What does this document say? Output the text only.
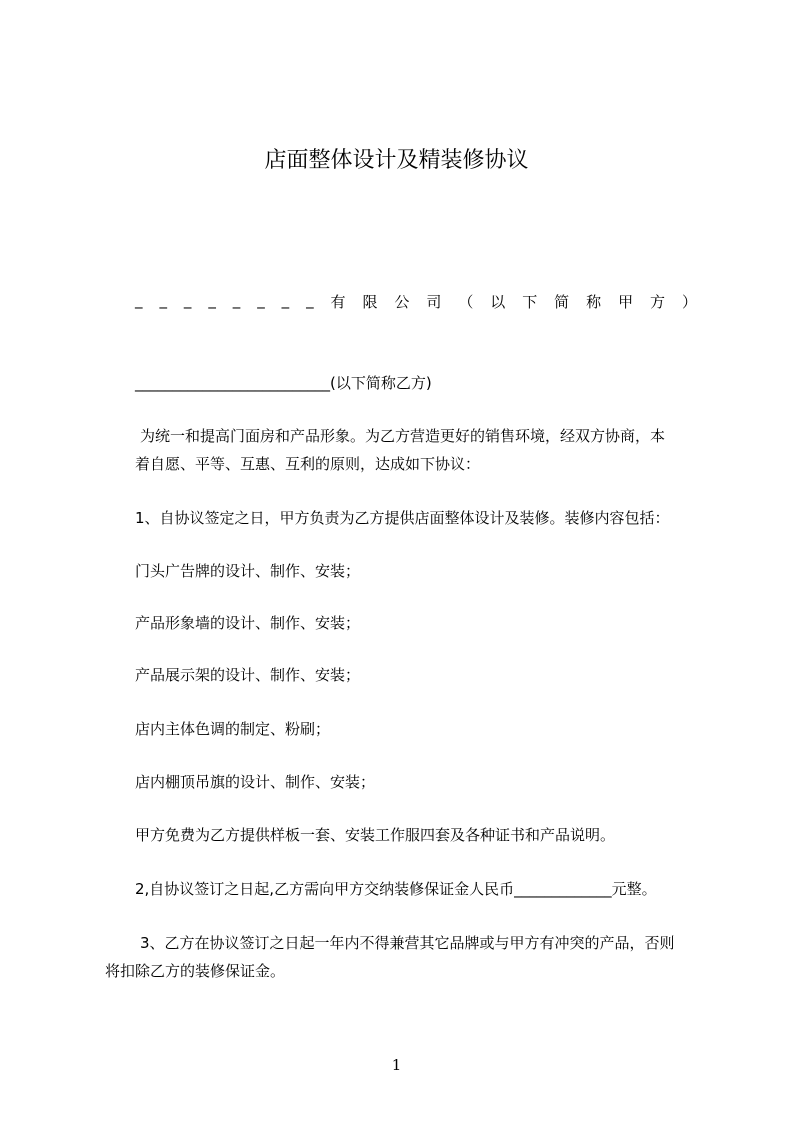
店面整体设计及精装修协议
_ _ _ _ _ _ _ _ 有 限 公 司 （ 以 下 简 称 甲 方 ）
__________________________(以下简称乙方)
为统一和提高门面房和产品形象。为乙方营造更好的销售环境，经双方协商，本
着自愿、平等、互惠、互利的原则，达成如下协议：
1、自协议签定之日，甲方负责为乙方提供店面整体设计及装修。装修内容包括：
门头广告牌的设计、制作、安装；
产品形象墙的设计、制作、安装；
产品展示架的设计、制作、安装；
店内主体色调的制定、粉刷；
店内棚顶吊旗的设计、制作、安装；
甲方免费为乙方提供样板一套、安装工作服四套及各种证书和产品说明。
2,自协议签订之日起,乙方需向甲方交纳装修保证金人民币_____________元整。
3、乙方在协议签订之日起一年内不得兼营其它品牌或与甲方有冲突的产品，否则
将扣除乙方的装修保证金。
1
